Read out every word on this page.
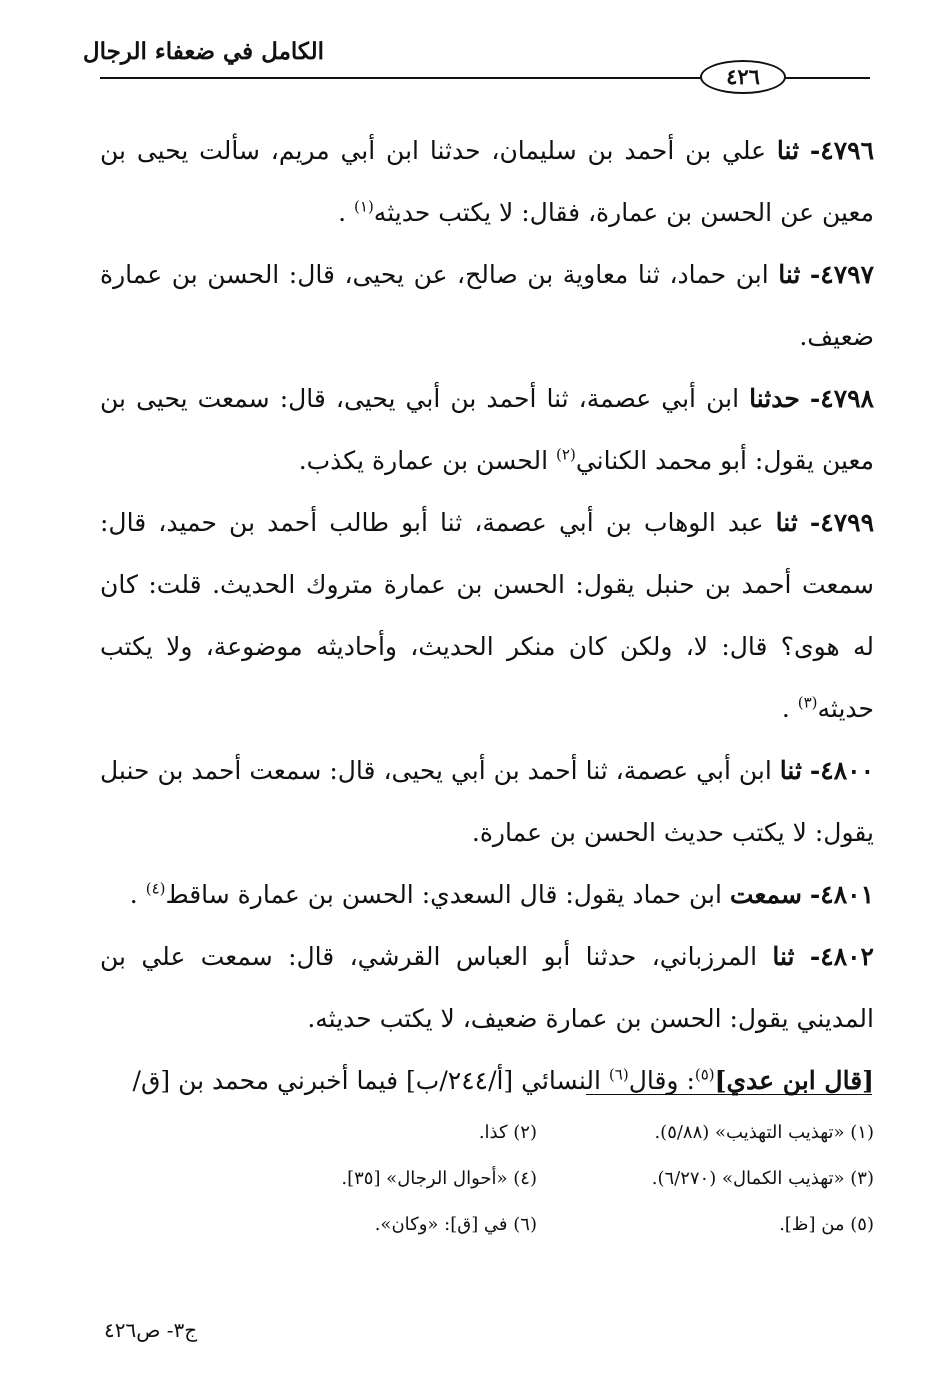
الكامل في ضعفاء الرجال
٤٢٦

٤٧٩٦- ثنا علي بن أحمد بن سليمان، حدثنا ابن أبي مريم، سألت يحيى بن معين عن الحسن بن عمارة، فقال: لا يكتب حديثه$^{(١)}$ .

٤٧٩٧- ثنا ابن حماد، ثنا معاوية بن صالح، عن يحيى، قال: الحسن بن عمارة ضعيف.

٤٧٩٨- حدثنا ابن أبي عصمة، ثنا أحمد بن أبي يحيى، قال: سمعت يحيى بن معين يقول: أبو محمد الكناني$^{(٢)}$ الحسن بن عمارة يكذب.

٤٧٩٩- ثنا عبد الوهاب بن أبي عصمة، ثنا أبو طالب أحمد بن حميد، قال: سمعت أحمد بن حنبل يقول: الحسن بن عمارة متروك الحديث. قلت: كان له هوى؟ قال: لا، ولكن كان منكر الحديث، وأحاديثه موضوعة، ولا يكتب حديثه$^{(٣)}$ .

٤٨٠٠- ثنا ابن أبي عصمة، ثنا أحمد بن أبي يحيى، قال: سمعت أحمد بن حنبل يقول: لا يكتب حديث الحسن بن عمارة.

٤٨٠١- سمعت ابن حماد يقول: قال السعدي: الحسن بن عمارة ساقط$^{(٤)}$ .

٤٨٠٢- ثنا المرزباني، حدثنا أبو العباس القرشي، قال: سمعت علي بن المديني يقول: الحسن بن عمارة ضعيف، لا يكتب حديثه.

[قال ابن عدي]$^{(٥)}$: وقال$^{(٦)}$ النسائي [أ/٢٤٤/ب] فيما أخبرني محمد بن [ق/

(١) «تهذيب التهذيب» (٥/٨٨).
(٢) كذا.
(٣) «تهذيب الكمال» (٦/٢٧٠).
(٤) «أحوال الرجال» [٣٥].
(٥) من [ظ].
(٦) في [ق]: «وكان».
ج٣- ص٤٢٦
